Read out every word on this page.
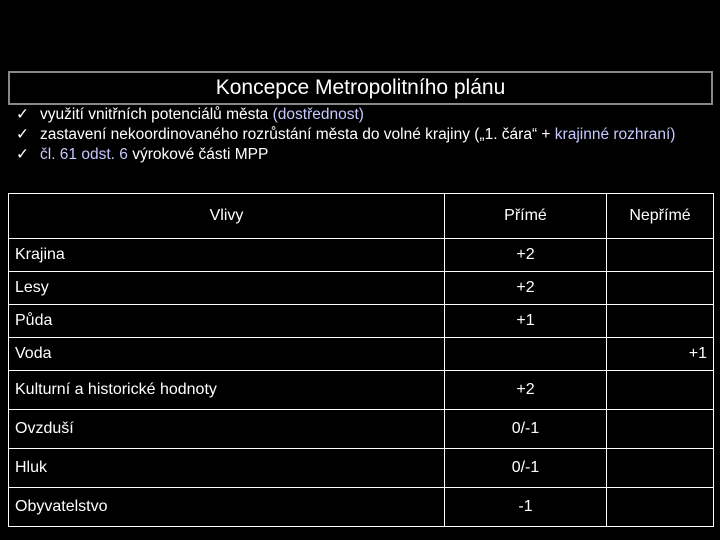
Koncepce Metropolitního plánu
✓ využití vnitřních potenciálů města (dostřednost)
✓ zastavení nekoordinovaného rozrůstání města do volné krajiny („1. čára“ + krajinné rozhraní)
✓ čl. 61 odst. 6 výrokové části MPP
Vlivy	Přímé	Nepřímé
Krajina	+2	
Lesy	+2	
Půda	+1	
Voda		+1
Kulturní a historické hodnoty	+2	
Ovzduší	0/-1	
Hluk	0/-1	
Obyvatelstvo	-1	
